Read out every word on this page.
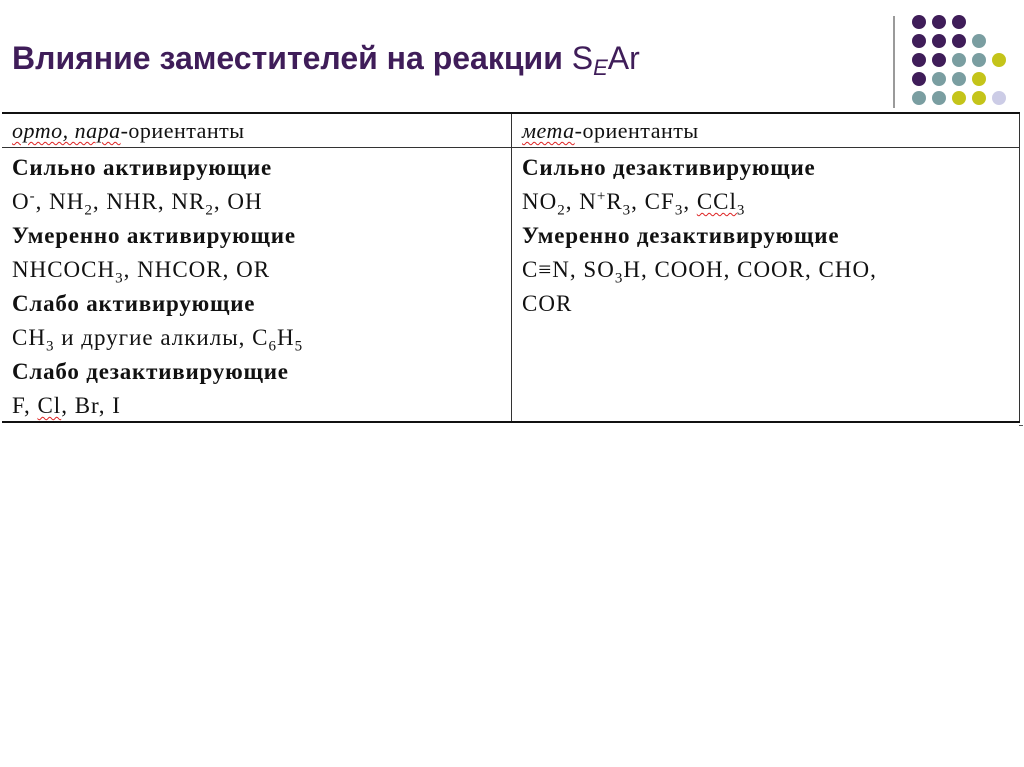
Влияние заместителей на реакции $S_EAr$
орто, пара-ориентанты
Сильно активирующие
O-, $NH_2$, NHR, $NR_2$, OH
Умеренно активирующие
$NHCOCH_3$, NHCOR, OR
Слабо активирующие
$CH_3$ и другие алкилы, $C_6H_5$
Слабо дезактивирующие
F, Cl, Br, I
мета-ориентанты
Сильно дезактивирующие
$NO_2$, $N^+R_3$, $CF_3$, CCl$_3$
Умеренно дезактивирующие
C≡N, $SO_3H$, COOH, COOR, CHO,
COR
